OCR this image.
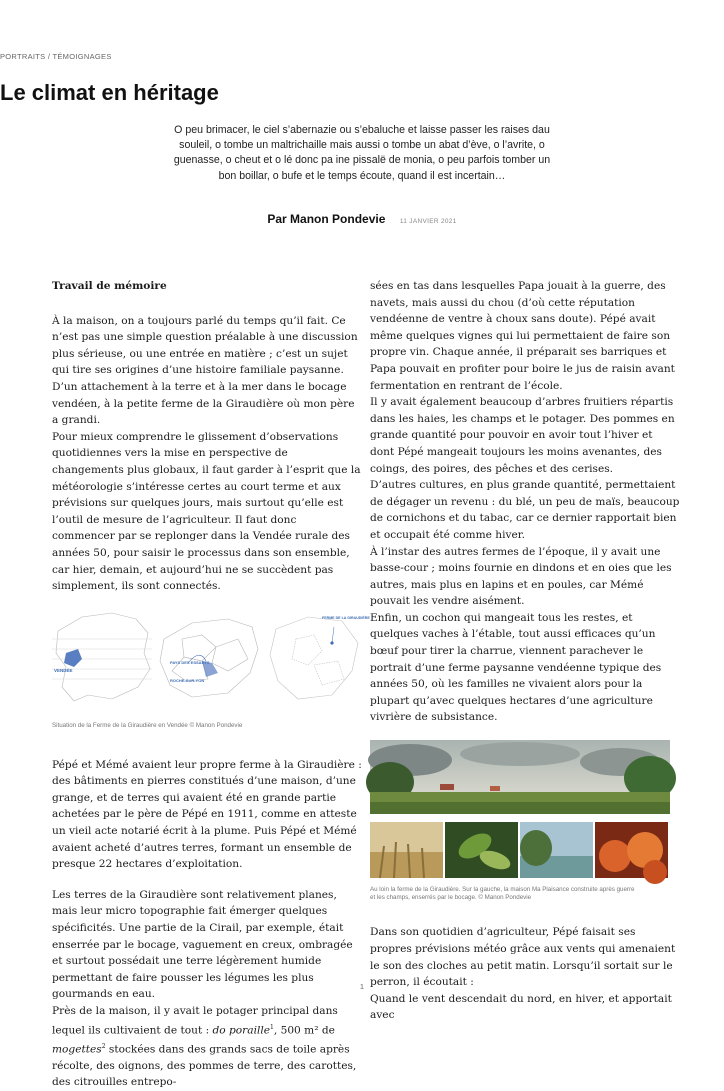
PORTRAITS / TÉMOIGNAGES
Le climat en héritage
O peu brimacer, le ciel s’abernazie ou s’ebaluche et laisse passer les raises dau souleil, o tombe un maltrichaille mais aussi o tombe un abat d’ève, o l’avrite, o guenasse, o cheut et o lé donc pa ine pissalë de monia, o peu parfois tomber un bon boillar, o bufe et le temps écoute, quand il est incertain…
Par Manon Pondevie 11 JANVIER 2021

Travail de mémoire

À la maison, on a toujours parlé du temps qu’il fait. Ce n’est pas une simple question préalable à une discussion plus sérieuse, ou une entrée en matière ; c’est un sujet qui tire ses origines d’une histoire familiale paysanne. D’un attachement à la terre et à la mer dans le bocage vendéen, à la petite ferme de la Giraudière où mon père a grandi.

Pour mieux comprendre le glissement d’observations quotidiennes vers la mise en perspective de changements plus globaux, il faut garder à l’esprit que la météorologie s’intéresse certes au court terme et aux prévisions sur quelques jours, mais surtout qu’elle est l’outil de mesure de l’agriculteur. Il faut donc commencer par se replonger dans la Vendée rurale des années 50, pour saisir le processus dans son ensemble, car hier, demain, et aujourd’hui ne se succèdent pas simplement, ils sont connectés.

VENDÉE
PAYS DES ESSARTS
ROCHE-SUR-YON
FERME DE LA GIRAUDIÈRE
Situation de la Ferme de la Giraudière en Vendée © Manon Pondevie

Pépé et Mémé avaient leur propre ferme à la Giraudière : des bâtiments en pierres constitués d’une maison, d’une grange, et de terres qui avaient été en grande partie achetées par le père de Pépé en 1911, comme en atteste un vieil acte notarié écrit à la plume. Puis Pépé et Mémé avaient acheté d’autres terres, formant un ensemble de presque 22 hectares d’exploitation.

Les terres de la Giraudière sont relativement planes, mais leur micro topographie fait émerger quelques spécificités. Une partie de la Cirail, par exemple, était enserrée par le bocage, vaguement en creux, ombragée et surtout possédait une terre légèrement humide permettant de faire pousser les légumes les plus gourmands en eau.

Près de la maison, il y avait le potager principal dans lequel ils cultivaient de tout : do poraille$^1$, 500 m² de mogettes$^2$ stockées dans des grands sacs de toile après récolte, des oignons, des pommes de terre, des carottes, des citrouilles entrepo-

sées en tas dans lesquelles Papa jouait à la guerre, des navets, mais aussi du chou (d’où cette réputation vendéenne de ventre à choux sans doute). Pépé avait même quelques vignes qui lui permettaient de faire son propre vin. Chaque année, il préparait ses barriques et Papa pouvait en profiter pour boire le jus de raisin avant fermentation en rentrant de l’école.

Il y avait également beaucoup d’arbres fruitiers répartis dans les haies, les champs et le potager. Des pommes en grande quantité pour pouvoir en avoir tout l’hiver et dont Pépé mangeait toujours les moins avenantes, des coings, des poires, des pêches et des cerises.

D’autres cultures, en plus grande quantité, permettaient de dégager un revenu : du blé, un peu de maïs, beaucoup de cornichons et du tabac, car ce dernier rapportait bien et occupait été comme hiver.

À l’instar des autres fermes de l’époque, il y avait une basse-cour ; moins fournie en dindons et en oies que les autres, mais plus en lapins et en poules, car Mémé pouvait les vendre aisément.

Enfin, un cochon qui mangeait tous les restes, et quelques vaches à l’étable, tout aussi efficaces qu’un bœuf pour tirer la charrue, viennent parachever le portrait d’une ferme paysanne vendéenne typique des années 50, où les familles ne vivaient alors pour la plupart qu’avec quelques hectares d’une agriculture vivrière de subsistance.

Au loin la ferme de la Giraudière. Sur la gauche, la maison Ma Plaisance construite après guerre et les champs, enserrés par le bocage. © Manon Pondevie

Dans son quotidien d’agriculteur, Pépé faisait ses propres prévisions météo grâce aux vents qui amenaient le son des cloches au petit matin. Lorsqu’il sortait sur le perron, il écoutait :

Quand le vent descendait du nord, en hiver, et apportait avec

1
